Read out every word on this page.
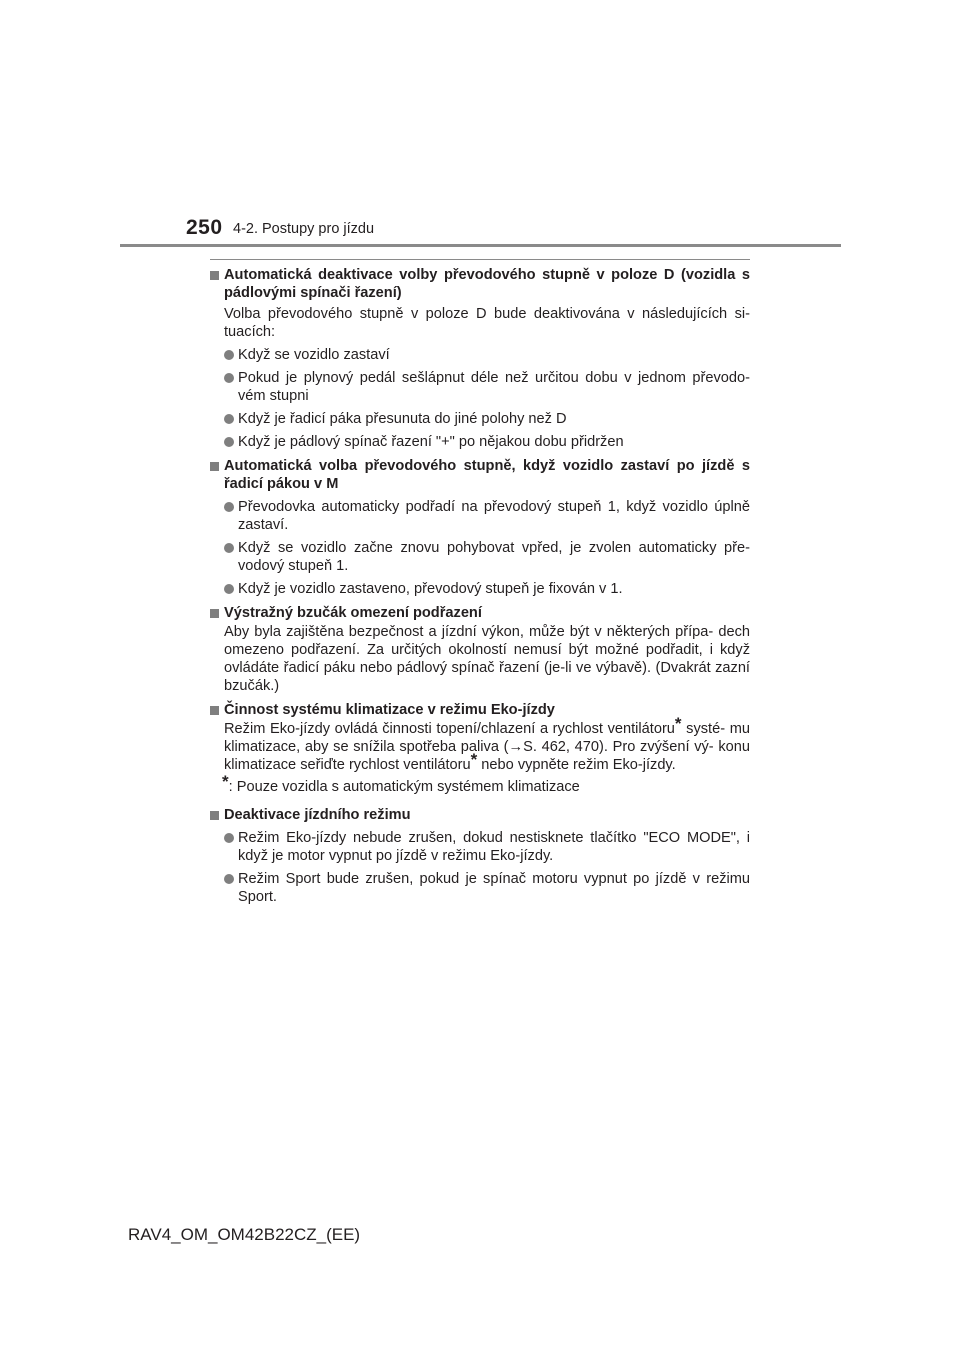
250 4-2. Postupy pro jízdu
Automatická deaktivace volby převodového stupně v poloze D (vozidla s pádlovými spínači řazení)
Volba převodového stupně v poloze D bude deaktivována v následujících si- tuacích:
Když se vozidlo zastaví
Pokud je plynový pedál sešlápnut déle než určitou dobu v jednom převodo- vém stupni
Když je řadicí páka přesunuta do jiné polohy než D
Když je pádlový spínač řazení "+" po nějakou dobu přidržen
Automatická volba převodového stupně, když vozidlo zastaví po jízdě s řadicí pákou v M
Převodovka automaticky podřadí na převodový stupeň 1, když vozidlo úplně zastaví.
Když se vozidlo začne znovu pohybovat vpřed, je zvolen automaticky pře- vodový stupeň 1.
Když je vozidlo zastaveno, převodový stupeň je fixován v 1.
Výstražný bzučák omezení podřazení
Aby byla zajištěna bezpečnost a jízdní výkon, může být v některých přípa- dech omezeno podřazení. Za určitých okolností nemusí být možné podřadit, i když ovládáte řadicí páku nebo pádlový spínač řazení (je-li ve výbavě). (Dvakrát zazní bzučák.)
Činnost systému klimatizace v režimu Eko-jízdy
Režim Eko-jízdy ovládá činnosti topení/chlazení a rychlost ventilátoru* systé- mu klimatizace, aby se snížila spotřeba paliva (→S. 462, 470). Pro zvýšení vý- konu klimatizace seřiďte rychlost ventilátoru* nebo vypněte režim Eko-jízdy.
*: Pouze vozidla s automatickým systémem klimatizace
Deaktivace jízdního režimu
Režim Eko-jízdy nebude zrušen, dokud nestisknete tlačítko "ECO MODE", i když je motor vypnut po jízdě v režimu Eko-jízdy.
Režim Sport bude zrušen, pokud je spínač motoru vypnut po jízdě v režimu Sport.
RAV4_OM_OM42B22CZ_(EE)
